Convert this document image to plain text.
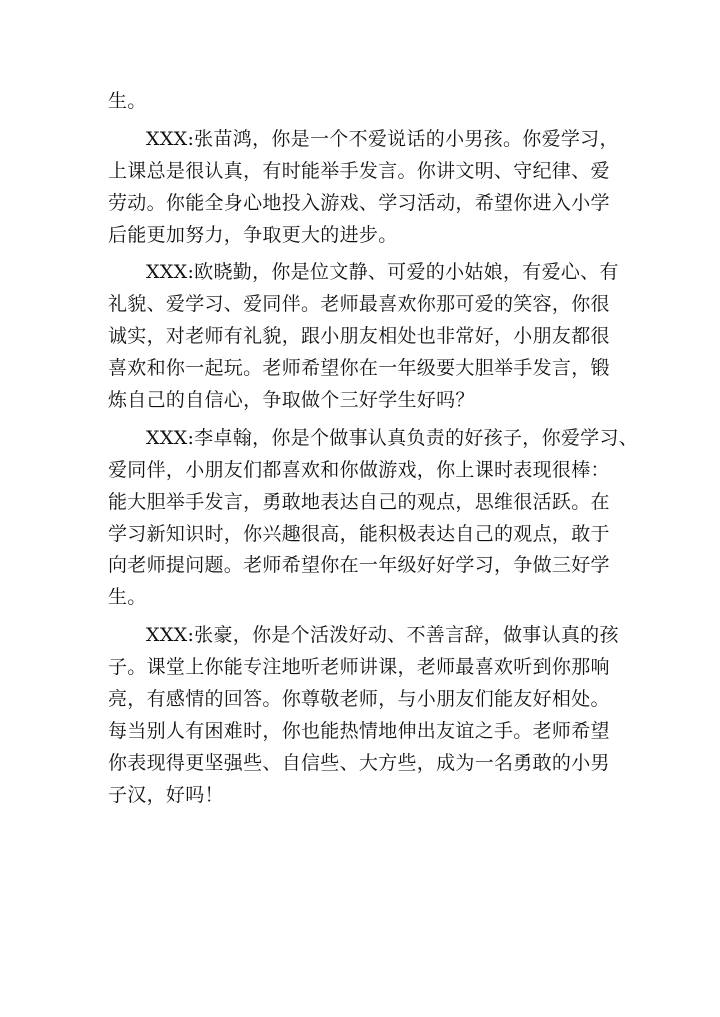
生。
XXX:张苗鸿，你是一个不爱说话的小男孩。你爱学习，
上课总是很认真，有时能举手发言。你讲文明、守纪律、爱
劳动。你能全身心地投入游戏、学习活动，希望你进入小学
后能更加努力，争取更大的进步。
XXX:欧晓勤，你是位文静、可爱的小姑娘，有爱心、有
礼貌、爱学习、爱同伴。老师最喜欢你那可爱的笑容，你很
诚实，对老师有礼貌，跟小朋友相处也非常好，小朋友都很
喜欢和你一起玩。老师希望你在一年级要大胆举手发言，锻
炼自己的自信心，争取做个三好学生好吗？
XXX:李卓翰，你是个做事认真负责的好孩子，你爱学习、
爱同伴，小朋友们都喜欢和你做游戏，你上课时表现很棒：
能大胆举手发言，勇敢地表达自己的观点，思维很活跃。在
学习新知识时，你兴趣很高，能积极表达自己的观点，敢于
向老师提问题。老师希望你在一年级好好学习，争做三好学
生。
XXX:张豪，你是个活泼好动、不善言辞，做事认真的孩
子。课堂上你能专注地听老师讲课，老师最喜欢听到你那响
亮，有感情的回答。你尊敬老师，与小朋友们能友好相处。
每当别人有困难时，你也能热情地伸出友谊之手。老师希望
你表现得更坚强些、自信些、大方些，成为一名勇敢的小男
子汉，好吗！
